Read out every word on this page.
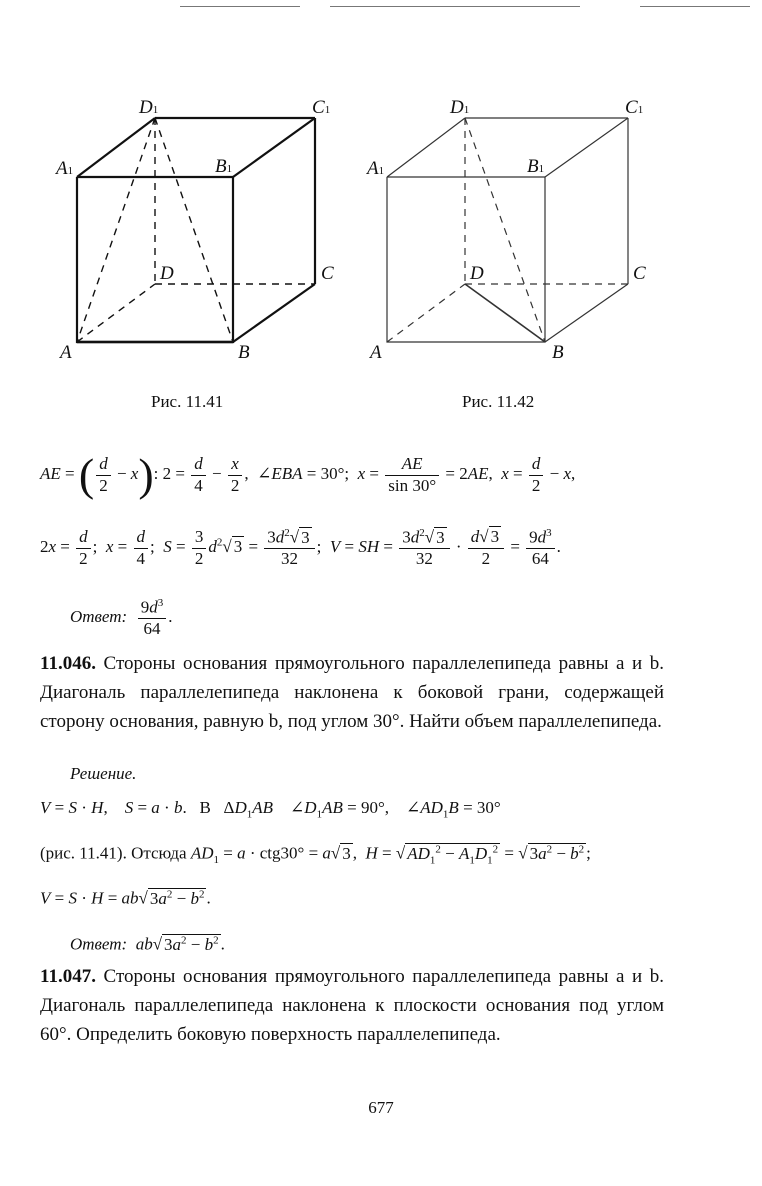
D1	C1
A1	B1
D	C
A	B
Рис. 11.41
D1	C1
A1	B1
D	C
A	B
Рис. 11.42
AE = ( $\frac{d}{2} - x$): $2 = \frac{d}{4} - \frac{x}{2}$ ,  ∠EBA = 30°;  $x = \frac{AE}{\sin 30^\circ} = 2AE$,  $x = \frac{d}{2} - x$,
$2x = \frac{d}{2}$ ;  $x = \frac{d}{4}$ ;  $S = \frac{3}{2} d^2√$ $3 = \frac{3d^2√ 3}{32}$ ;  V = SH = $\frac{3d^2√ 3}{32} \cdot \frac{d√ 3}{2} = \frac{9d^3}{64}$ .
Ответ: $\frac{9d^3}{64}$ .
11.046. Стороны основания прямоугольного параллелепипеда равны a и b. Диагональ параллелепипеда наклонена к боковой грани, содержащей сторону основания, равную b, под углом 30°. Найти объем параллелепипеда.
Решение.
V = S · H,    S = a · b.   В   $\Delta D_1AB$    $\angle D_1AB = 90^\circ$,    $\angle AD_1B = 30^\circ$
(рис. 11.41). Отсюда $AD_1 = a \cdot ctg30^\circ = a√$ 3 ,  H = √ $AD_1^2 - A_1D_1^2$ = √ $3a^2 - b^2$ ;
V = S · H = ab√ $3a^2 - b^2$ .
Ответ: ab√ $3a^2 - b^2$ .
11.047. Стороны основания прямоугольного параллелепипеда равны a и b. Диагональ параллелепипеда наклонена к плоскости основания под углом 60°. Определить боковую поверхность параллелепипеда.
677
